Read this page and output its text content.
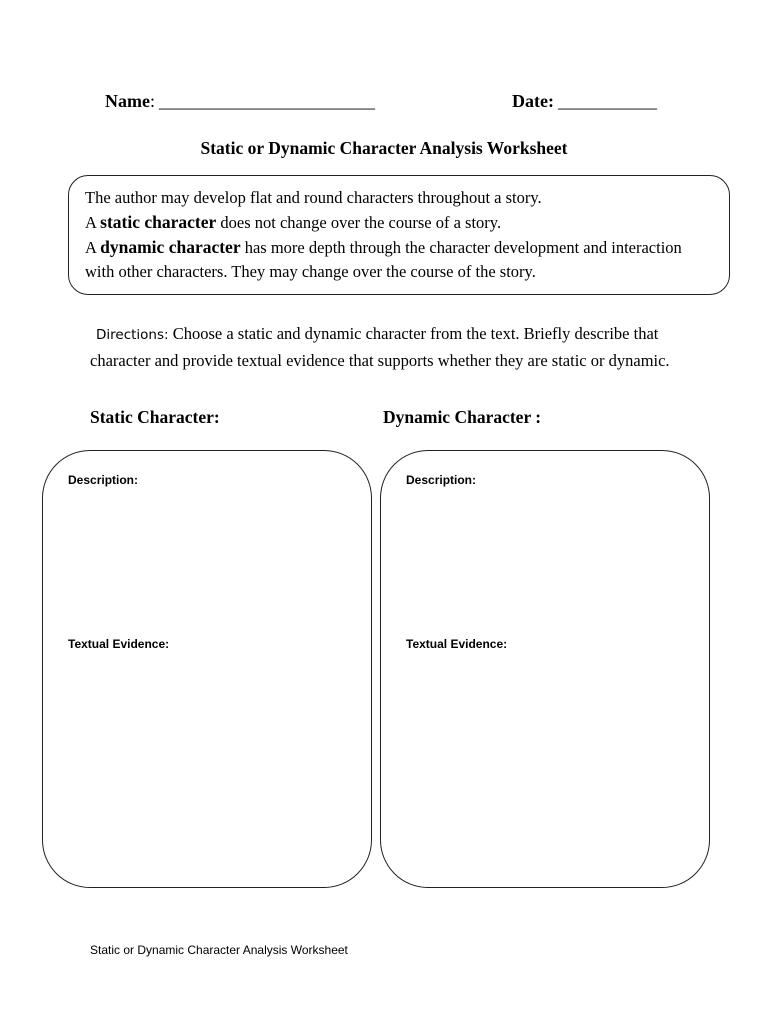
Name: ________________________	Date: ___________
Static or Dynamic Character Analysis Worksheet
The author may develop flat and round characters throughout a story.
A static character does not change over the course of a story.
A dynamic character has more depth through the character development and interaction with other characters. They may change over the course of the story.
Directions: Choose a static and dynamic character from the text. Briefly describe that character and provide textual evidence that supports whether they are static or dynamic.
Static Character:	Dynamic Character :
Description:
Textual Evidence:
Description:
Textual Evidence:
Static or Dynamic Character Analysis Worksheet
